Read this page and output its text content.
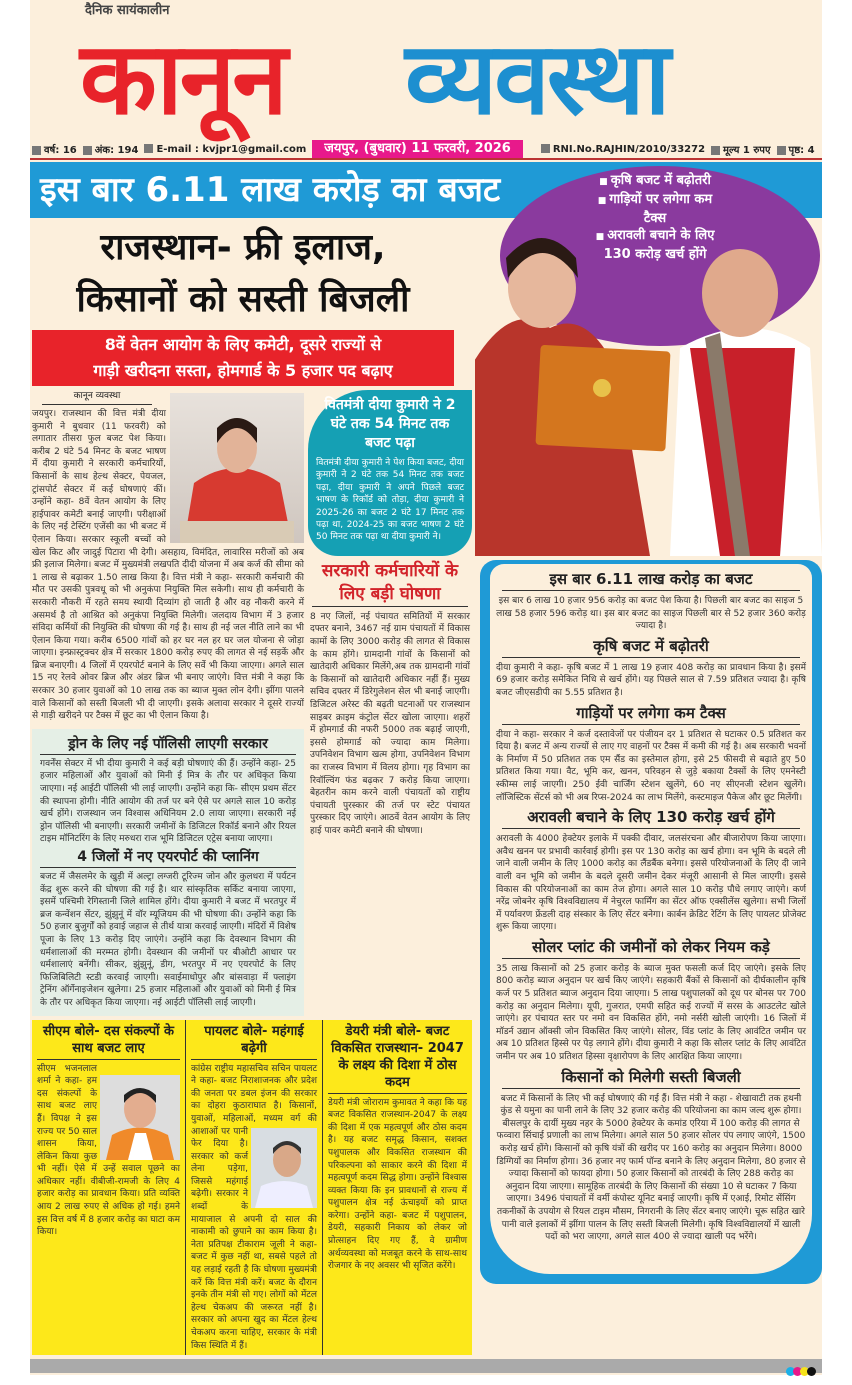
दैनिक सायंकालीन
कानून व्यवस्था
वर्ष: 16	अंक: 194	E-mail : kvjpr1@gmail.com	जयपुर, (बुधवार) 11 फरवरी, 2026	RNI.No.RAJHIN/2010/33272	मूल्य 1 रुपए	पृष्ठ: 4
इस बार 6.11 लाख करोड़ का बजट	■ कृषि बजट में बढ़ोतरी
■ गाड़ियों पर लगेगा कम टैक्स
■ अरावली बचाने के लिए 130 करोड़ खर्च होंगे
राजस्थान- फ्री इलाज,
किसानों को सस्ती बिजली
8वें वेतन आयोग के लिए कमेटी, दूसरे राज्यों से
गाड़ी खरीदना सस्ता, होमगार्ड के 5 हजार पद बढ़ाए
कानून व्यवस्था
जयपुर। राजस्थान की वित्त मंत्री दीया कुमारी ने बुधवार (11 फरवरी) को लगातार तीसरा फुल बजट पेश किया। करीब 2 घंटे 54 मिनट के बजट भाषण में दीया कुमारी ने सरकारी कर्मचारियों, किसानों के साथ हेल्थ सेक्टर, पेयजल, ट्रांसपोर्ट सेक्टर में कई घोषणाएं कीं। उन्होंने कहा- 8वें वेतन आयोग के लिए हाईपावर कमेटी बनाई जाएगी। परीक्षाओं के लिए नई टेस्टिंग एजेंसी का भी बजट में ऐलान किया। सरकार स्कूली बच्चों को खेल किट और जादुई पिटारा भी देगी। असहाय, विमंदित, लावारिस मरीजों को अब फ्री इलाज मिलेगा। बजट में मुख्यमंत्री लखपति दीदी योजना में अब कर्ज की सीमा को 1 लाख से बढ़ाकर 1.50 लाख किया है। वित्त मंत्री ने कहा- सरकारी कर्मचारी की मौत पर उसकी पुत्रवधू को भी अनुकंपा नियुक्ति मिल सकेगी। साथ ही कर्मचारी के सरकारी नौकरी में रहते समय स्थायी दिव्यांग हो जाती है और वह नौकरी करने में असमर्थ है तो आश्रित को अनुकंपा नियुक्ति मिलेगी। जलदाय विभाग में 3 हजार संविदा कर्मियों की नियुक्ति की घोषणा की गई है। साथ ही नई जल नीति लाने का भी ऐलान किया गया। करीब 6500 गांवों को हर घर नल हर घर जल योजना से जोड़ा जाएगा। इन्फ्रास्ट्रक्चर क्षेत्र में सरकार 1800 करोड़ रुपए की लागत से नई सड़कें और ब्रिज बनाएगी। 4 जिलों में एयरपोर्ट बनाने के लिए सर्वे भी किया जाएगा। अगले साल 15 नए रेलवे ओवर ब्रिज और अंडर ब्रिज भी बनाए जाएंगे। वित्त मंत्री ने कहा कि सरकार 30 हजार युवाओं को 10 लाख तक का ब्याज मुक्त लोन देगी। झींगा पालने वाले किसानों को सस्ती बिजली भी दी जाएगी। इसके अलावा सरकार ने दूसरे राज्यों से गाड़ी खरीदने पर टैक्स में छूट का भी ऐलान किया है।
ड्रोन के लिए नई पॉलिसी लाएगी सरकार

गवर्नेंस सेक्टर में भी दीया कुमारी ने कई बड़ी घोषणाएं की हैं। उन्होंने कहा- 25 हजार महिलाओं और युवाओं को मिनी ई मित्र के तौर पर अधिकृत किया जाएगा। नई आईटी पॉलिसी भी लाई जाएगी। उन्होंने कहा कि- सीएम प्रथम सेंटर की स्थापना होगी। नीति आयोग की तर्ज पर बने ऐसे पर अगले साल 10 करोड़ खर्च होंगे। राजस्थान जन विश्वास अधिनियम 2.0 लाया जाएगा। सरकारी नई ड्रोन पॉलिसी भी बनाएगी। सरकारी जमीनों के डिजिटल रिकॉर्ड बनाने और रियल टाइम मॉनिटरिंग के लिए मरुधरा राज भूमि डिजिटल एट्रेस बनाया जाएगा।

4 जिलों में नए एयरपोर्ट की प्लानिंग

बजट में जैसलमेर के खुड़ी में अल्ट्रा लग्जरी टूरिज्म जोन और कुलधरा में पर्यटन केंद्र शुरू करने की घोषणा की गई है। थार सांस्कृतिक सर्किट बनाया जाएगा, इसमें पश्चिमी रेगिस्तानी जिले शामिल होंगे। दीया कुमारी ने बजट में भरतपुर में ब्रज कन्वेंशन सेंटर, झुंझुनूं में वॉर म्यूजियम की भी घोषणा की। उन्होंने कहा कि 50 हजार बुजुर्गों को हवाई जहाज से तीर्थ यात्रा करवाई जाएगी। मंदिरों में विशेष पूजा के लिए 13 करोड़ दिए जाएंगे। उन्होंने कहा कि देवस्थान विभाग की धर्मशालाओं की मरम्मत होगी। देवस्थान की जमीनों पर बीओटी आधार पर धर्मशालाएं बनेंगी। सीकर, झुंझुनूं, डीग, भरतपुर में नए एयरपोर्ट के लिए फिजिबिलिटी स्टडी करवाई जाएगी। सवाईमाधोपुर और बांसवाड़ा में फ्लाइंग ट्रेनिंग ऑर्गेनाइजेशन खुलेगा। 25 हजार महिलाओं और युवाओं को मिनी ई मित्र के तौर पर अधिकृत किया जाएगा। नई आईटी पॉलिसी लाई जाएगी।

वितमंत्री दीया कुमारी ने 2 घंटे तक 54 मिनट तक बजट पढ़ा

वितमंत्री दीया कुमारी ने पेश किया बजट, दीया कुमारी ने 2 घंटे तक 54 मिनट तक बजट पढ़ा, दीया कुमारी ने अपने पिछले बजट भाषण के रिकॉर्ड को तोड़ा, दीया कुमारी ने 2025-26 का बजट 2 घंटे 17 मिनट तक पढ़ा था, 2024-25 का बजट भाषण 2 घंटे 50 मिनट तक पढ़ा था दीया कुमारी ने।

सरकारी कर्मचारियों के लिए बड़ी घोषणा
8 नए जिलों, नई पंचायत समितियों में सरकार दफ्तर बनाने, 3467 नई ग्राम पंचायतों में विकास कामों के लिए 3000 करोड़ की लागत से विकास के काम होंगे। ग्रामदानी गांवों के किसानों को खातेदारी अधिकार मिलेंगे,अब तक ग्रामदानी गांवों के किसानों को खातेदारी अधिकार नहीं हैं। मुख्य सचिव दफ्तर में डिरेगुलेशन सेल भी बनाई जाएगी। डिजिटल अरेस्ट की बढ़ती घटनाओं पर राजस्थान साइबर क्राइम कंट्रोल सेंटर खोला जाएगा। शहरों में होमगार्ड की नफरी 5000 तक बढ़ाई जाएगी, इससे होमगार्ड को ज्यादा काम मिलेगा। उपनिवेशन विभाग खत्म होगा, उपनिवेशन विभाग का राजस्व विभाग में विलय होगा। गृह विभाग का रिवॉल्विंग फंड बढ़कर 7 करोड़ किया जाएगा। बेहतरीन काम करने वाली पंचायतों को राष्ट्रीय पंचायती पुरस्कार की तर्ज पर स्टेट पंचायत पुरस्कार दिए जाएंगे। आठवें वेतन आयोग के लिए हाई पावर कमेटी बनाने की घोषणा।
सीएम बोले- दस संकल्पों के साथ बजट लाए
सीएम भजनलाल शर्मा ने कहा- हम दस संकल्पों के साथ बजट लाए हैं। विपक्ष ने इस राज्य पर 50 साल शासन किया, लेकिन किया कुछ भी नहीं। ऐसे में उन्हें सवाल पूछने का अधिकार नहीं। वीबीजी-रामजी के लिए 4 हजार करोड़ का प्रावधान किया। प्रति व्यक्ति आय 2 लाख रुपए से अधिक हो गई। हमने इस वित्त वर्ष में 8 हजार करोड़ का घाटा कम किया।
पायलट बोले- महंगाई बढ़ेगी
कांग्रेस राष्ट्रीय महासचिव सचिन पायलट ने कहा- बजट निराशाजनक और प्रदेश की जनता पर डबल इंजन की सरकार का दोहरा कुठाराघात है। किसानों, युवाओं, महिलाओं, मध्यम वर्ग की
आशाओं पर पानी फेर दिया है। सरकार को कर्ज लेना पड़ेगा, जिससे महंगाई बढ़ेगी। सरकार ने शब्दों के मायाजाल से अपनी दो साल की नाकामी को छुपाने का काम किया है। नेता प्रतिपक्ष टीकाराम जूली ने कहा- बजट में कुछ नहीं था, सबसे पहले तो यह लड़ाई रहती है कि घोषणा मुख्यमंत्री करें कि वित्त मंत्री करें। बजट के दौरान इनके तीन मंत्री सो गए। लोगों को मेंटल हेल्थ चेकअप की जरूरत नहीं है। सरकार को अपना खुद का मेंटल हेल्थ चेकअप करना चाहिए, सरकार के मंत्री किस स्थिति में हैं।
डेयरी मंत्री बोले- बजट विकसित राजस्थान- 2047 के लक्ष्य की दिशा में ठोस कदम

डेयरी मंत्री जोराराम कुमावत ने कहा कि यह बजट विकसित राजस्थान-2047 के लक्ष्य की दिशा में एक महत्वपूर्ण और ठोस कदम है। यह बजट समृद्ध किसान, सशक्त पशुपालक और विकसित राजस्थान की परिकल्पना को साकार करने की दिशा में महत्वपूर्ण कदम सिद्ध होगा। उन्होंने विश्वास व्यक्त किया कि इन प्रावधानों से राज्य में पशुपालन क्षेत्र नई ऊंचाइयों को प्राप्त करेगा। उन्होंने कहा- बजट में पशुपालन, डेयरी, सहकारी निकाय को लेकर जो प्रोत्साहन दिए गए हैं, वे ग्रामीण अर्थव्यवस्था को मजबूत करने के साथ-साथ रोजगार के नए अवसर भी सृजित करेंगे।

इस बार 6.11 लाख करोड़ का बजट

इस बार 6 लाख 10 हजार 956 करोड़ का बजट पेश किया है। पिछली बार बजट का साइज 5 लाख 58 हजार 596 करोड़ था। इस बार बजट का साइज पिछली बार से 52 हजार 360 करोड़ ज्यादा है।

कृषि बजट में बढ़ोतरी

दीया कुमारी ने कहा- कृषि बजट में 1 लाख 19 हजार 408 करोड़ का प्रावधान किया है। इसमें 69 हजार करोड़ समेकित निधि से खर्च होंगे। यह पिछले साल से 7.59 प्रतिशत ज्यादा है। कृषि बजट जीएसडीपी का 5.55 प्रतिशत है।

गाड़ियों पर लगेगा कम टैक्स

दीया ने कहा- सरकार ने कर्ज दस्तावेजों पर पंजीयन दर 1 प्रतिशत से घटाकर 0.5 प्रतिशत कर दिया है। बजट में अन्य राज्यों से लाए गए वाहनों पर टैक्स में कमी की गई है। अब सरकारी भवनों के निर्माण में 50 प्रतिशत तक एम सैंड का इस्तेमाल होगा, इसे 25 फीसदी से बढ़ाते हुए 50 प्रतिशत किया गया। वैट, भूमि कर, खनन, परिवहन से जुड़े बकाया टैक्सों के लिए एमनेस्टी स्कीम्स लाई जाएगी। 250 ईवी चार्जिंग स्टेशन खुलेंगे, 60 नए सीएनजी स्टेशन खुलेंगे। लॉजिस्टिक सेंटर्स को भी अब रिप्स-2024 का लाभ मिलेंगे, कस्टमाइज पैकेज और छूट मिलेंगी।

अरावली बचाने के लिए 130 करोड़ खर्च होंगे

अरावली के 4000 हेक्टेयर इलाके में पक्की दीवार, जलसंरचना और बीजारोपण किया जाएगा। अवैध खनन पर प्रभावी कार्रवाई होगी। इस पर 130 करोड़ का खर्च होगा। वन भूमि के बदले ली जाने वाली जमीन के लिए 1000 करोड़ का लैंडबैंक बनेगा। इससे परियोजनाओं के लिए दी जाने वाली वन भूमि को जमीन के बदले दूसरी जमीन देकर मंजूरी आसानी से मिल जाएगी। इससे विकास की परियोजनाओं का काम तेज होगा। अगले साल 10 करोड़ पौधे लगाए जाएंगे। कर्ण नरेंद्र जोबनेर कृषि विश्वविद्यालय में नेचुरल फार्मिंग का सेंटर ऑफ एक्सीलेंस खुलेगा। सभी जिलों में पर्यावरण फ्रेंडली दाह संस्कार के लिए सेंटर बनेगा। कार्बन क्रेडिट रेटिंग के लिए पायलट प्रोजेक्ट शुरू किया जाएगा।

सोलर प्लांट की जमीनों को लेकर नियम कड़े

35 लाख किसानों को 25 हजार करोड़ के ब्याज मुक्त फसली कर्ज दिए जाएंगे। इसके लिए 800 करोड़ ब्याज अनुदान पर खर्च किए जाएंगे। सहकारी बैंकों से किसानों को दीर्घकालीन कृषि कर्ज पर 5 प्रतिशत ब्याज अनुदान दिया जाएगा। 5 लाख पशुपालकों को दूध पर बोनस पर 700 करोड़ का अनुदान मिलेगा। यूपी, गुजरात, एमपी सहित कई राज्यों में सरस के आउटलेट खोले जाएंगे। हर पंचायत स्तर पर नमो वन विकसित होंगे, नमो नर्सरी खोली जाएंगी। 16 जिलों में मॉडर्न उद्यान ऑक्सी जोन विकसित किए जाएंगे। सोलर, विंड प्लांट के लिए आवंटित जमीन पर अब 10 प्रतिशत हिस्से पर पेड़ लगाने होंगे। दीया कुमारी ने कहा कि सोलर प्लांट के लिए आवंटित जमीन पर अब 10 प्रतिशत हिस्सा वृक्षारोपण के लिए आरक्षित किया जाएगा।

किसानों को मिलेगी सस्ती बिजली

बजट में किसानों के लिए भी कई घोषणाएं की गई हैं। वित्त मंत्री ने कहा - शेखावाटी तक हथनी कुंड से यमुना का पानी लाने के लिए 32 हजार करोड़ की परियोजना का काम जल्द शुरू होगा। बीसलपुर के दायीं मुख्य नहर के 5000 हेक्टेयर के कमांड एरिया में 100 करोड़ की लागत से फव्वारा सिंचाई प्रणाली का लाभ मिलेगा। अगले साल 50 हजार सोलर पंप लगाए जाएंगे, 1500 करोड़ खर्च होंगे। किसानों को कृषि यंत्रों की खरीद पर 160 करोड़ का अनुदान मिलेगा। 8000 डिग्गियों का निर्माण होगा। 36 हजार नए फार्म पॉन्ड बनाने के लिए अनुदान मिलेगा, 80 हजार से ज्यादा किसानों को फायदा होगा। 50 हजार किसानों को तारबंदी के लिए 288 करोड़ का अनुदान दिया जाएगा। सामूहिक तारबंदी के लिए किसानों की संख्या 10 से घटाकर 7 किया जाएगा। 3496 पंचायतों में वर्मी कंपोस्ट यूनिट बनाई जाएगी। कृषि में एआई, रिमोट सेंसिंग तकनीकों के उपयोग से रियल टाइम मौसम, निगरानी के लिए सेंटर बनाए जाएंगे। चूरू सहित खारे पानी वाले इलाकों में झींगा पालन के लिए सस्ती बिजली मिलेगी। कृषि विश्वविद्यालयों में खाली पदों को भरा जाएगा, अगले साल 400 से ज्यादा खाली पद भरेंगे।
